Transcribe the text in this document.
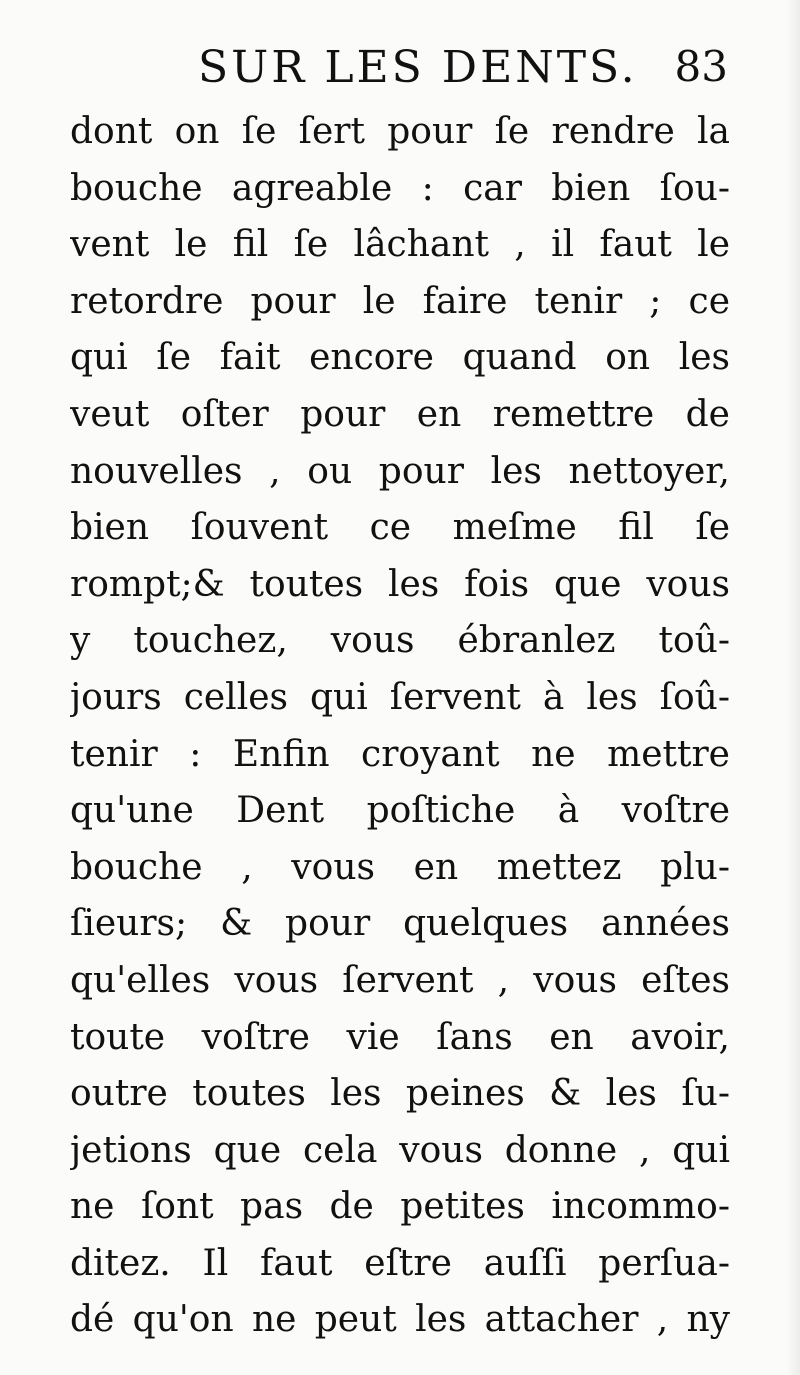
SUR LES DENTS. 83
dont on ſe ſert pour ſe rendre la
bouche agreable : car bien ſou-
vent le fil ſe lâchant , il faut le
retordre pour le faire tenir ; ce
qui ſe fait encore quand on les
veut oſter pour en remettre de
nouvelles , ou pour les nettoyer,
bien ſouvent ce meſme fil ſe
rompt;& toutes les fois que vous
y touchez, vous ébranlez toû-
jours celles qui ſervent à les ſoû-
tenir : Enfin croyant ne mettre
qu'une Dent poſtiche à voſtre
bouche , vous en mettez plu-
ſieurs; & pour quelques années
qu'elles vous ſervent , vous eſtes
toute voſtre vie ſans en avoir,
outre toutes les peines & les ſu-
jetions que cela vous donne , qui
ne ſont pas de petites incommo-
ditez. Il faut eſtre auſſi perſua-
dé qu'on ne peut les attacher , ny
